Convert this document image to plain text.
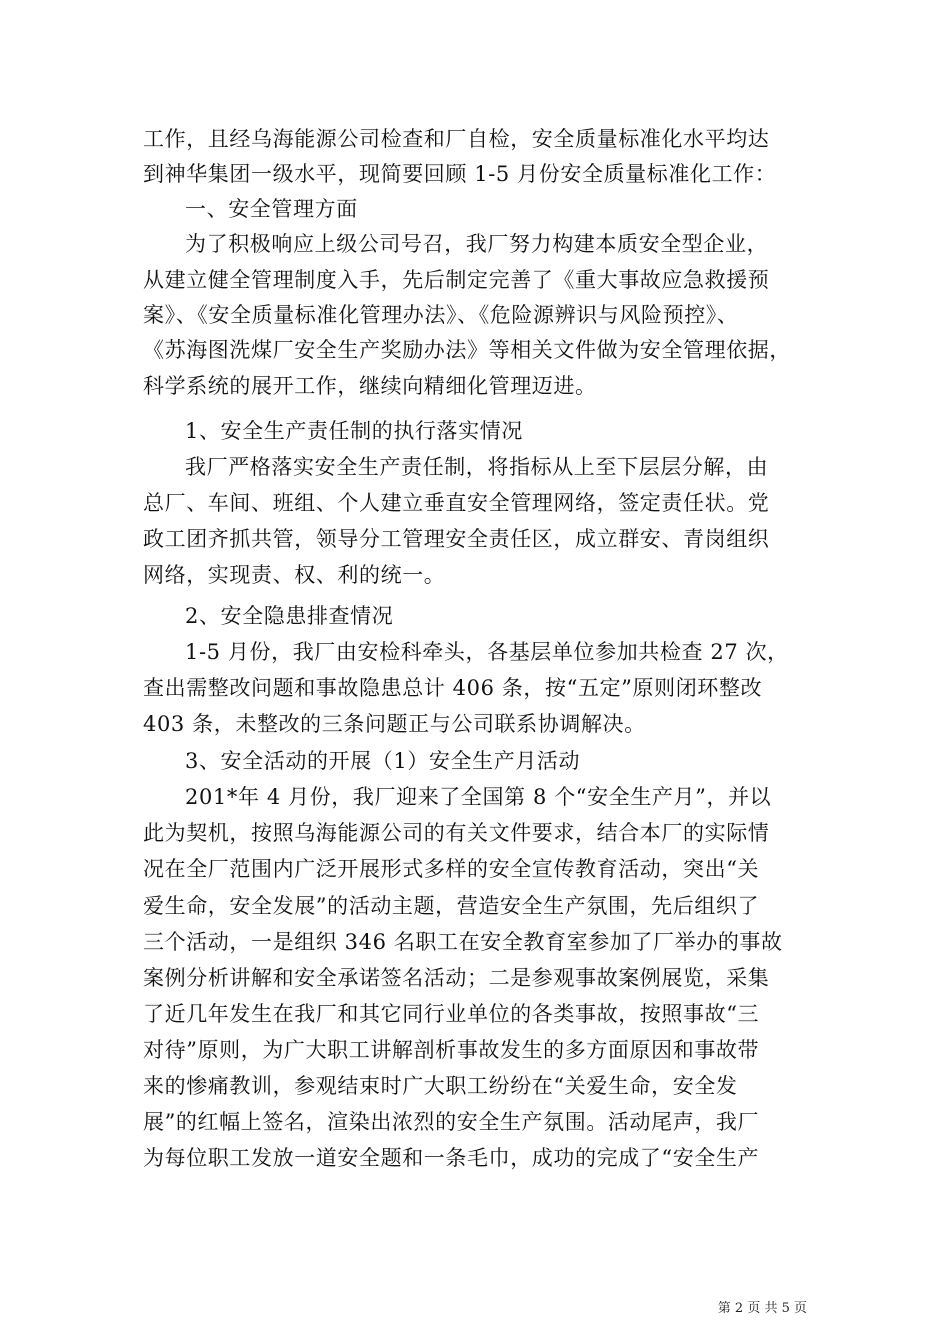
工作，且经乌海能源公司检查和厂自检，安全质量标准化水平均达
到神华集团一级水平，现简要回顾 1-5 月份安全质量标准化工作：
一、安全管理方面
为了积极响应上级公司号召，我厂努力构建本质安全型企业，
从建立健全管理制度入手，先后制定完善了《重大事故应急救援预
案》、《安全质量标准化管理办法》、《危险源辨识与风险预控》、
《苏海图洗煤厂安全生产奖励办法》等相关文件做为安全管理依据，
科学系统的展开工作，继续向精细化管理迈进。
1、安全生产责任制的执行落实情况
我厂严格落实安全生产责任制，将指标从上至下层层分解，由
总厂、车间、班组、个人建立垂直安全管理网络，签定责任状。党
政工团齐抓共管，领导分工管理安全责任区，成立群安、青岗组织
网络，实现责、权、利的统一。
2、安全隐患排查情况
1-5 月份，我厂由安检科牵头，各基层单位参加共检查 27 次，
查出需整改问题和事故隐患总计 406 条，按“五定”原则闭环整改
403 条，未整改的三条问题正与公司联系协调解决。
3、安全活动的开展（1）安全生产月活动
201*年 4 月份，我厂迎来了全国第 8 个“安全生产月”，并以
此为契机，按照乌海能源公司的有关文件要求，结合本厂的实际情
况在全厂范围内广泛开展形式多样的安全宣传教育活动，突出“关
爱生命，安全发展”的活动主题，营造安全生产氛围，先后组织了
三个活动，一是组织 346 名职工在安全教育室参加了厂举办的事故
案例分析讲解和安全承诺签名活动；二是参观事故案例展览，采集
了近几年发生在我厂和其它同行业单位的各类事故，按照事故“三
对待”原则，为广大职工讲解剖析事故发生的多方面原因和事故带
来的惨痛教训，参观结束时广大职工纷纷在“关爱生命，安全发
展”的红幅上签名，渲染出浓烈的安全生产氛围。活动尾声，我厂
为每位职工发放一道安全题和一条毛巾，成功的完成了“安全生产
第 2 页 共 5 页
